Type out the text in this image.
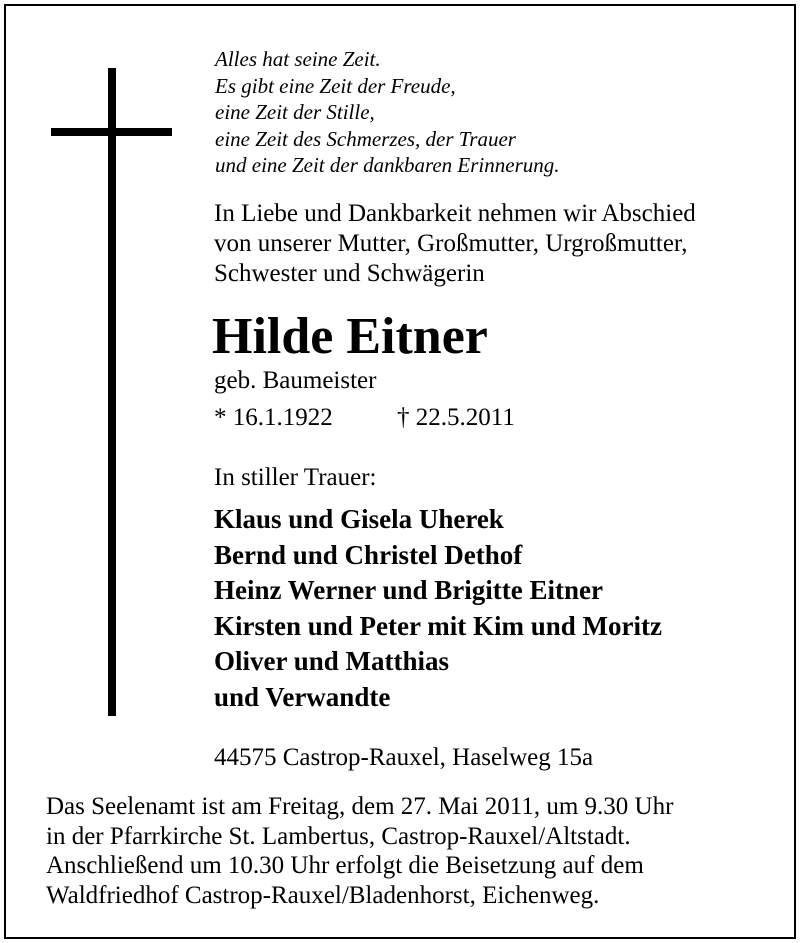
Alles hat seine Zeit.
Es gibt eine Zeit der Freude,
eine Zeit der Stille,
eine Zeit des Schmerzes, der Trauer
und eine Zeit der dankbaren Erinnerung.
In Liebe und Dankbarkeit nehmen wir Abschied
von unserer Mutter, Großmutter, Urgroßmutter,
Schwester und Schwägerin
Hilde Eitner
geb. Baumeister
* 16.1.1922	† 22.5.2011
In stiller Trauer:
Klaus und Gisela Uherek
Bernd und Christel Dethof
Heinz Werner und Brigitte Eitner
Kirsten und Peter mit Kim und Moritz
Oliver und Matthias
und Verwandte
44575 Castrop-Rauxel, Haselweg 15a
Das Seelenamt ist am Freitag, dem 27. Mai 2011, um 9.30 Uhr
in der Pfarrkirche St. Lambertus, Castrop-Rauxel/Altstadt.
Anschließend um 10.30 Uhr erfolgt die Beisetzung auf dem
Waldfriedhof Castrop-Rauxel/Bladenhorst, Eichenweg.
